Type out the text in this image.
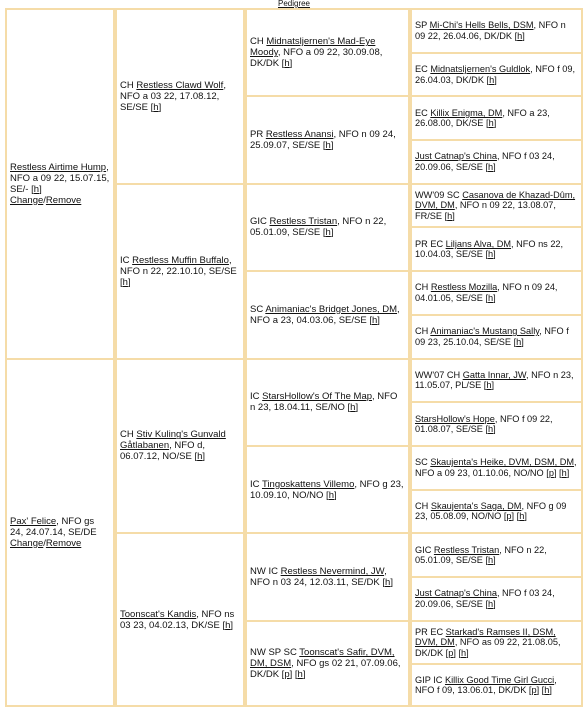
Pedigree
Restless Airtime Hump, NFO a 09 22, 15.07.15, SE/- [h]
Change/Remove
Pax' Felice, NFO gs 24, 24.07.14, SE/DE
Change/Remove
CH Restless Clawd Wolf, NFO a 03 22, 17.08.12, SE/SE [h]
IC Restless Muffin Buffalo, NFO n 22, 22.10.10, SE/SE [h]
CH Stiv Kuling's Gunvald Gåtlabanen, NFO d, 06.07.12, NO/SE [h]
Toonscat's Kandis, NFO ns 03 23, 04.02.13, DK/SE [h]
CH Midnatsljernen's Mad-Eye Moody, NFO a 09 22, 30.09.08, DK/DK [h]
PR Restless Anansi, NFO n 09 24, 25.09.07, SE/SE [h]
GIC Restless Tristan, NFO n 22, 05.01.09, SE/SE [h]
SC Animaniac's Bridget Jones, DM, NFO a 23, 04.03.06, SE/SE [h]
IC StarsHollow's Of The Map, NFO n 23, 18.04.11, SE/NO [h]
IC Tingoskattens Villemo, NFO g 23, 10.09.10, NO/NO [h]
NW IC Restless Nevermind, JW, NFO n 03 24, 12.03.11, SE/DK [h]
NW SP SC Toonscat's Safir, DVM, DM, DSM, NFO gs 02 21, 07.09.06, DK/DK [p] [h]
SP Mi-Chi's Hells Bells, DSM, NFO n 09 22, 26.04.06, DK/DK [h]
EC Midnatsljernen's Guldlok, NFO f 09, 26.04.03, DK/DK [h]
EC Killix Enigma, DM, NFO a 23, 26.08.00, DK/SE [h]
Just Catnap's China, NFO f 03 24, 20.09.06, SE/SE [h]
WW'09 SC Casanova de Khazad-Dûm, DVM, DM, NFO n 09 22, 13.08.07, FR/SE [h]
PR EC Liljans Alva, DM, NFO ns 22, 10.04.03, SE/SE [h]
CH Restless Mozilla, NFO n 09 24, 04.01.05, SE/SE [h]
CH Animaniac's Mustang Sally, NFO f 09 23, 25.10.04, SE/SE [h]
WW'07 CH Gatta Innar, JW, NFO n 23, 11.05.07, PL/SE [h]
StarsHollow's Hope, NFO f 09 22, 01.08.07, SE/SE [h]
SC Skaujenta's Heike, DVM, DSM, DM, NFO a 09 23, 01.10.06, NO/NO [p] [h]
CH Skaujenta's Saga, DM, NFO g 09 23, 05.08.09, NO/NO [p] [h]
GIC Restless Tristan, NFO n 22, 05.01.09, SE/SE [h]
Just Catnap's China, NFO f 03 24, 20.09.06, SE/SE [h]
PR EC Starkad's Ramses II, DSM, DVM, DM, NFO as 09 22, 21.08.05, DK/DK [p] [h]
GIP IC Killix Good Time Girl Gucci, NFO f 09, 13.06.01, DK/DK [p] [h]
